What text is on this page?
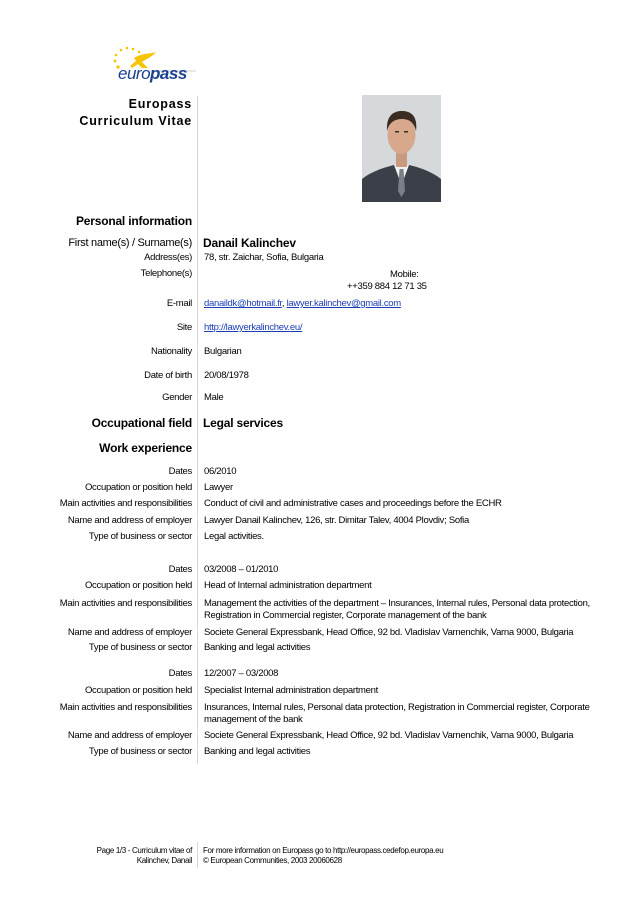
europass
Europass
Curriculum Vitae
Personal information
First name(s) / Surname(s) Danail Kalinchev
Address(es) 78, str. Zaichar, Sofia, Bulgaria
Telephone(s)	Mobile:
++359 884 12 71 35
E-mail danaildk@hotmail.fr, lawyer.kalinchev@gmail.com
Site http://lawyerkalinchev.eu/
Nationality Bulgarian
Date of birth 20/08/1978
Gender Male
Occupational field Legal services
Work experience
Dates 06/2010
Occupation or position held Lawyer
Main activities and responsibilities Conduct of civil and administrative cases and proceedings before the ECHR
Name and address of employer Lawyer Danail Kalinchev, 126, str. Dimitar Talev, 4004 Plovdiv; Sofia
Type of business or sector Legal activities.
Dates 03/2008 – 01/2010
Occupation or position held Head of Internal administration department
Main activities and responsibilities Management the activities of the department – Insurances, Internal rules, Personal data protection, Registration in Commercial register, Corporate management of the bank
Name and address of employer Societe General Expressbank, Head Office, 92 bd. Vladislav Varnenchik, Varna 9000, Bulgaria
Type of business or sector Banking and legal activities
Dates 12/2007 – 03/2008
Occupation or position held Specialist Internal administration department
Main activities and responsibilities Insurances, Internal rules, Personal data protection, Registration in Commercial register, Corporate management of the bank
Name and address of employer Societe General Expressbank, Head Office, 92 bd. Vladislav Varnenchik, Varna 9000, Bulgaria
Type of business or sector Banking and legal activities
Page 1/3 - Curriculum vitae of
Kalinchev, Danail
For more information on Europass go to http://europass.cedefop.europa.eu
© European Communities, 2003 20060628
